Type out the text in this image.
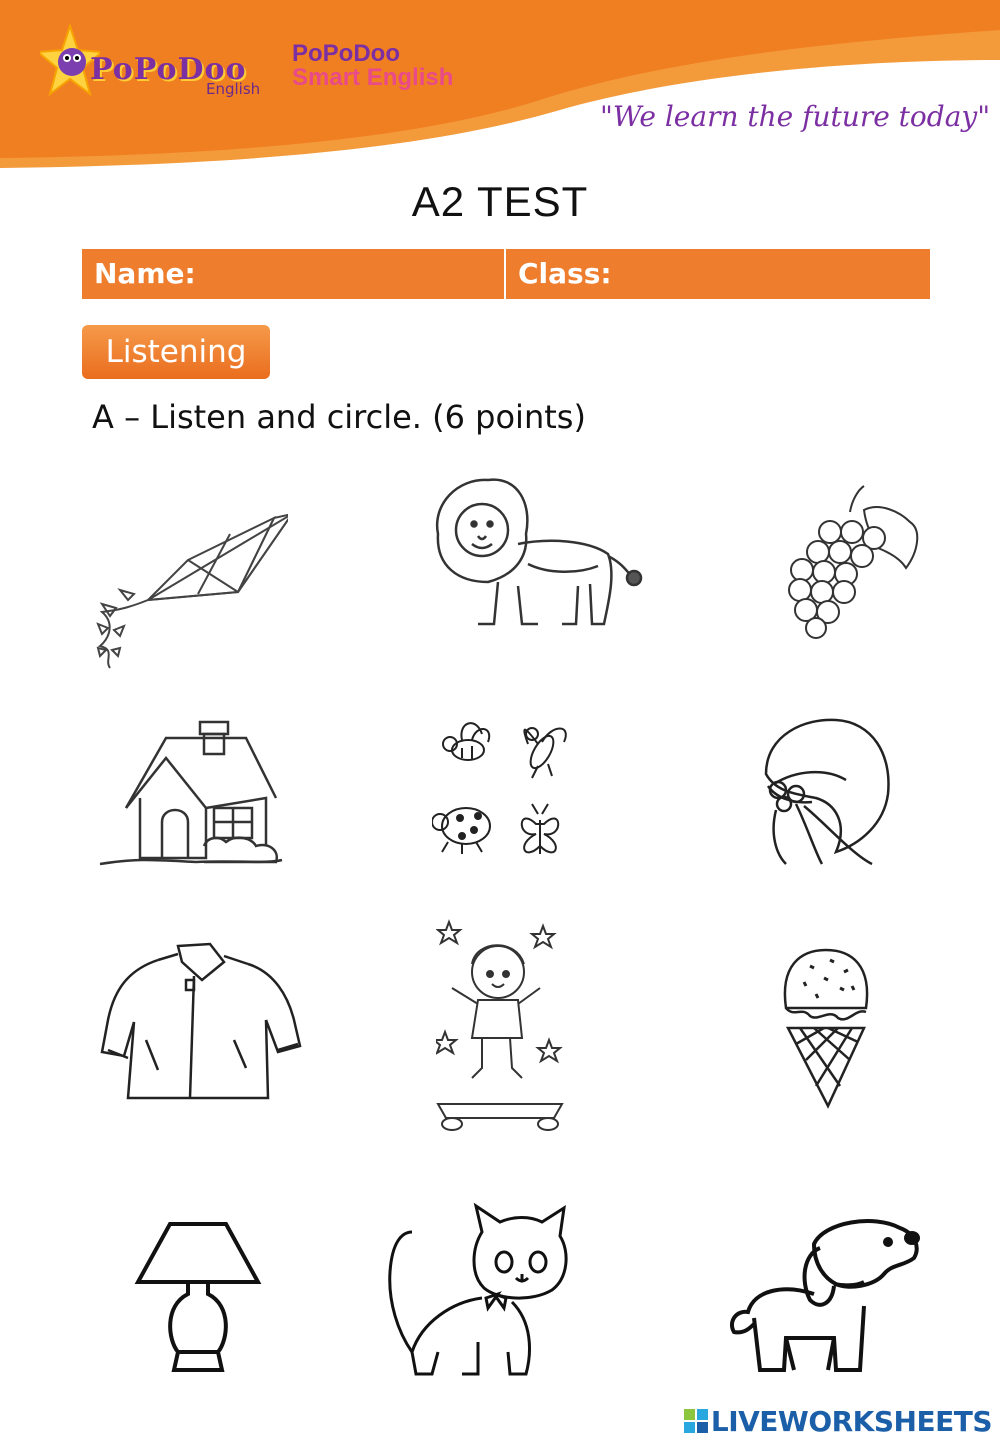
PoPoDoo
English
PoPoDoo
Smart English
"We learn the future today"
A2 TEST
Name:	Class:
Listening
A – Listen and circle. (6 points)
LIVEWORKSHEETS
